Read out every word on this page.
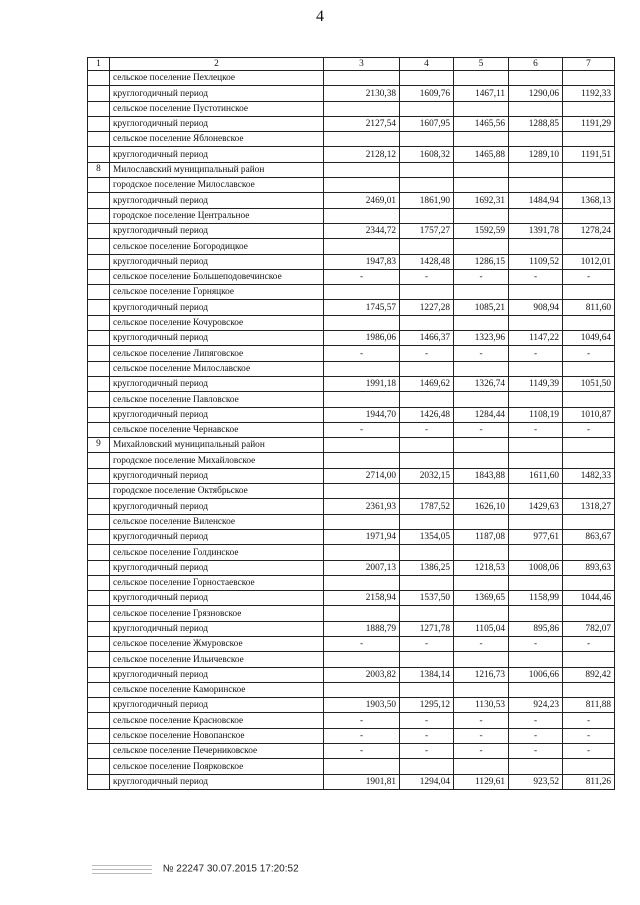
4
1	2	3	4	5	6	7
	сельское поселение Пехлецкое					
	круглогодичный период	2130,38	1609,76	1467,11	1290,06	1192,33
	сельское поселение Пустотинское					
	круглогодичный период	2127,54	1607,95	1465,56	1288,85	1191,29
	сельское поселение Яблоневское					
	круглогодичный период	2128,12	1608,32	1465,88	1289,10	1191,51
8	Милославский муниципальный район					
	городское поселение Милославское					
	круглогодичный период	2469,01	1861,90	1692,31	1484,94	1368,13
	городское поселение Центральное					
	круглогодичный период	2344,72	1757,27	1592,59	1391,78	1278,24
	сельское поселение Богородицкое					
	круглогодичный период	1947,83	1428,48	1286,15	1109,52	1012,01
	сельское поселение Большеподовечинское	-	-	-	-	-
	сельское поселение Горняцкое					
	круглогодичный период	1745,57	1227,28	1085,21	908,94	811,60
	сельское поселение Кочуровское					
	круглогодичный период	1986,06	1466,37	1323,96	1147,22	1049,64
	сельское поселение Липяговское	-	-	-	-	-
	сельское поселение Милославское					
	круглогодичный период	1991,18	1469,62	1326,74	1149,39	1051,50
	сельское поселение Павловское					
	круглогодичный период	1944,70	1426,48	1284,44	1108,19	1010,87
	сельское поселение Чернавское	-	-	-	-	-
9	Михайловский муниципальный район					
	городское поселение Михайловское					
	круглогодичный период	2714,00	2032,15	1843,88	1611,60	1482,33
	городское поселение Октябрьское					
	круглогодичный период	2361,93	1787,52	1626,10	1429,63	1318,27
	сельское поселение Виленское					
	круглогодичный период	1971,94	1354,05	1187,08	977,61	863,67
	сельское поселение Голдинское					
	круглогодичный период	2007,13	1386,25	1218,53	1008,06	893,63
	сельское поселение Горностаевское					
	круглогодичный период	2158,94	1537,50	1369,65	1158,99	1044,46
	сельское поселение Грязновское					
	круглогодичный период	1888,79	1271,78	1105,04	895,86	782,07
	сельское поселение Жмуровское	-	-	-	-	-
	сельское поселение Ильичевское					
	круглогодичный период	2003,82	1384,14	1216,73	1006,66	892,42
	сельское поселение Каморинское					
	круглогодичный период	1903,50	1295,12	1130,53	924,23	811,88
	сельское поселение Красновское	-	-	-	-	-
	сельское поселение Новопанское	-	-	-	-	-
	сельское поселение Печерниковское	-	-	-	-	-
	сельское поселение Поярковское					
	круглогодичный период	1901,81	1294,04	1129,61	923,52	811,26
№ 22247 30.07.2015 17:20:52
